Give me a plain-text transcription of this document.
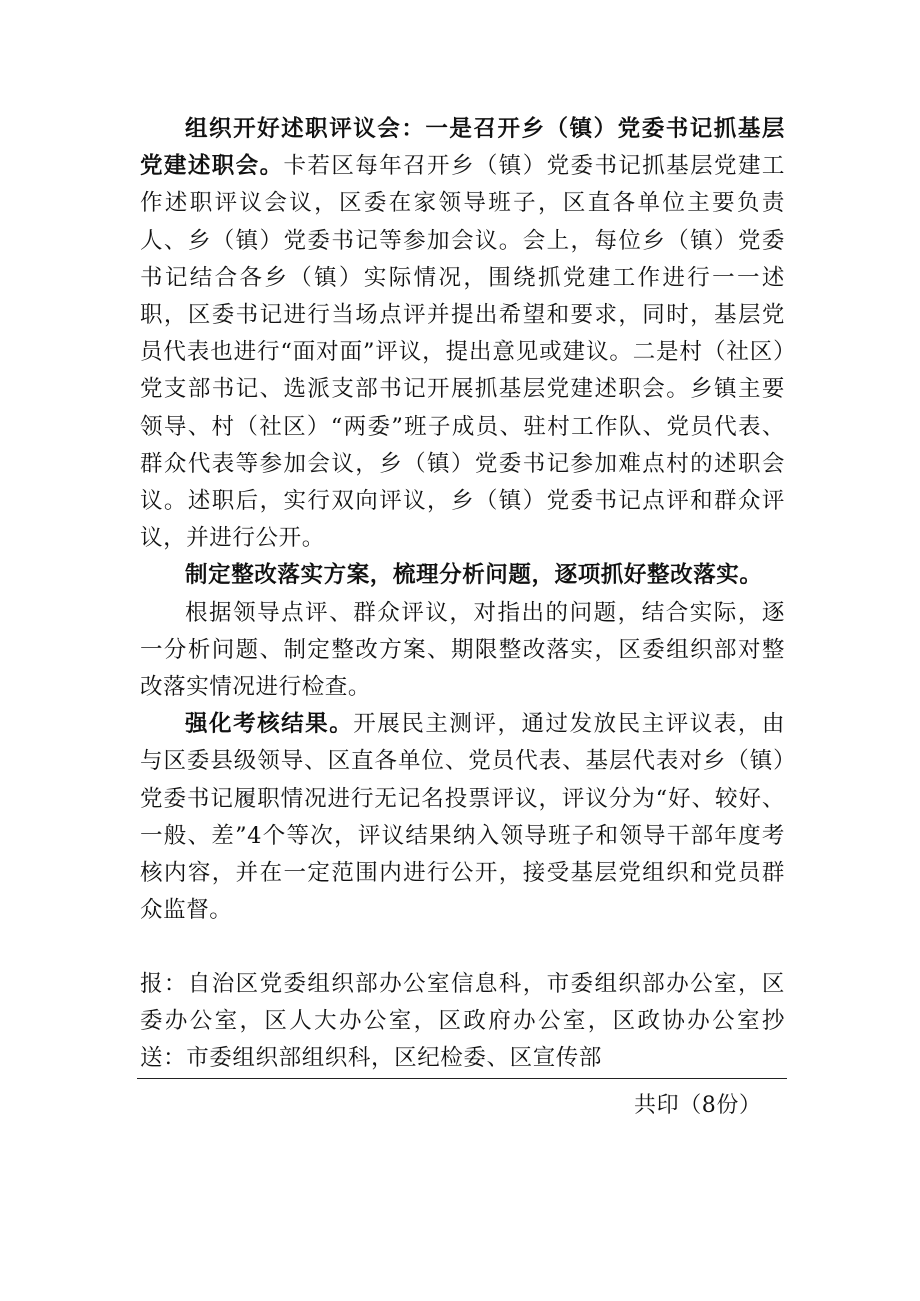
组织开好述职评议会：一是召开乡（镇）党委书记抓基层党建述职会。卡若区每年召开乡（镇）党委书记抓基层党建工作述职评议会议，区委在家领导班子，区直各单位主要负责人、乡（镇）党委书记等参加会议。会上，每位乡（镇）党委书记结合各乡（镇）实际情况，围绕抓党建工作进行一一述职，区委书记进行当场点评并提出希望和要求，同时，基层党员代表也进行“面对面”评议，提出意见或建议。二是村（社区）党支部书记、选派支部书记开展抓基层党建述职会。乡镇主要领导、村（社区）“两委”班子成员、驻村工作队、党员代表、群众代表等参加会议，乡（镇）党委书记参加难点村的述职会议。述职后，实行双向评议，乡（镇）党委书记点评和群众评议，并进行公开。

制定整改落实方案，梳理分析问题，逐项抓好整改落实。

根据领导点评、群众评议，对指出的问题，结合实际，逐一分析问题、制定整改方案、期限整改落实，区委组织部对整改落实情况进行检查。

强化考核结果。开展民主测评，通过发放民主评议表，由与区委县级领导、区直各单位、党员代表、基层代表对乡（镇）党委书记履职情况进行无记名投票评议，评议分为“好、较好、一般、差”4个等次，评议结果纳入领导班子和领导干部年度考核内容，并在一定范围内进行公开，接受基层党组织和党员群众监督。

报：自治区党委组织部办公室信息科，市委组织部办公室，区委办公室，区人大办公室，区政府办公室，区政协办公室抄送：市委组织部组织科，区纪检委、区宣传部

共印（8份）
